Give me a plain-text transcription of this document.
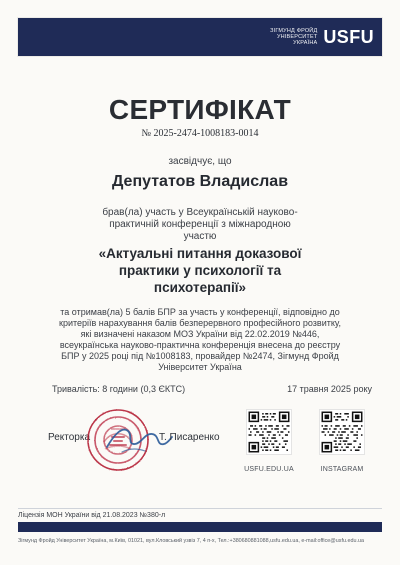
ЗІГМУНД ФРОЙД
УНІВЕРСИТЕТ
УКРАЇНА USFU
СЕРТИФІКАТ
№ 2025-2474-1008183-0014
засвідчує, що
Депутатов Владислав
брав(ла) участь у Всеукраїнській науково-
практичній конференції з міжнародною
участю
«Актуальні питання доказової
практики у психології та
психотерапії»
та отримав(ла) 5 балів БПР за участь у конференції, відповідно до
критеріїв нарахування балів безперервного професійного розвитку,
які визначені наказом МОЗ України від 22.02.2019 №446,
всеукраїнська науково-практична конференція внесена до реєстру
БПР у 2025 році під №1008183, провайдер №2474, Зігмунд Фройд
Університет Україна
Тривалість: 8 години (0,3 ЄКТС)	17 травня 2025 року
Ректорка	Т. Писаренко
USFU.EDU.UA	INSTAGRAM
Ліцензія МОН України від 21.08.2023 №380-л
Зігмунд Фройд Університет Україна, м.Київ, 01021, вул.Кловський узвіз 7, 4 п-х, Тел.:+380680881088,usfu.edu.ua, e-mail:office@usfu.edu.ua
